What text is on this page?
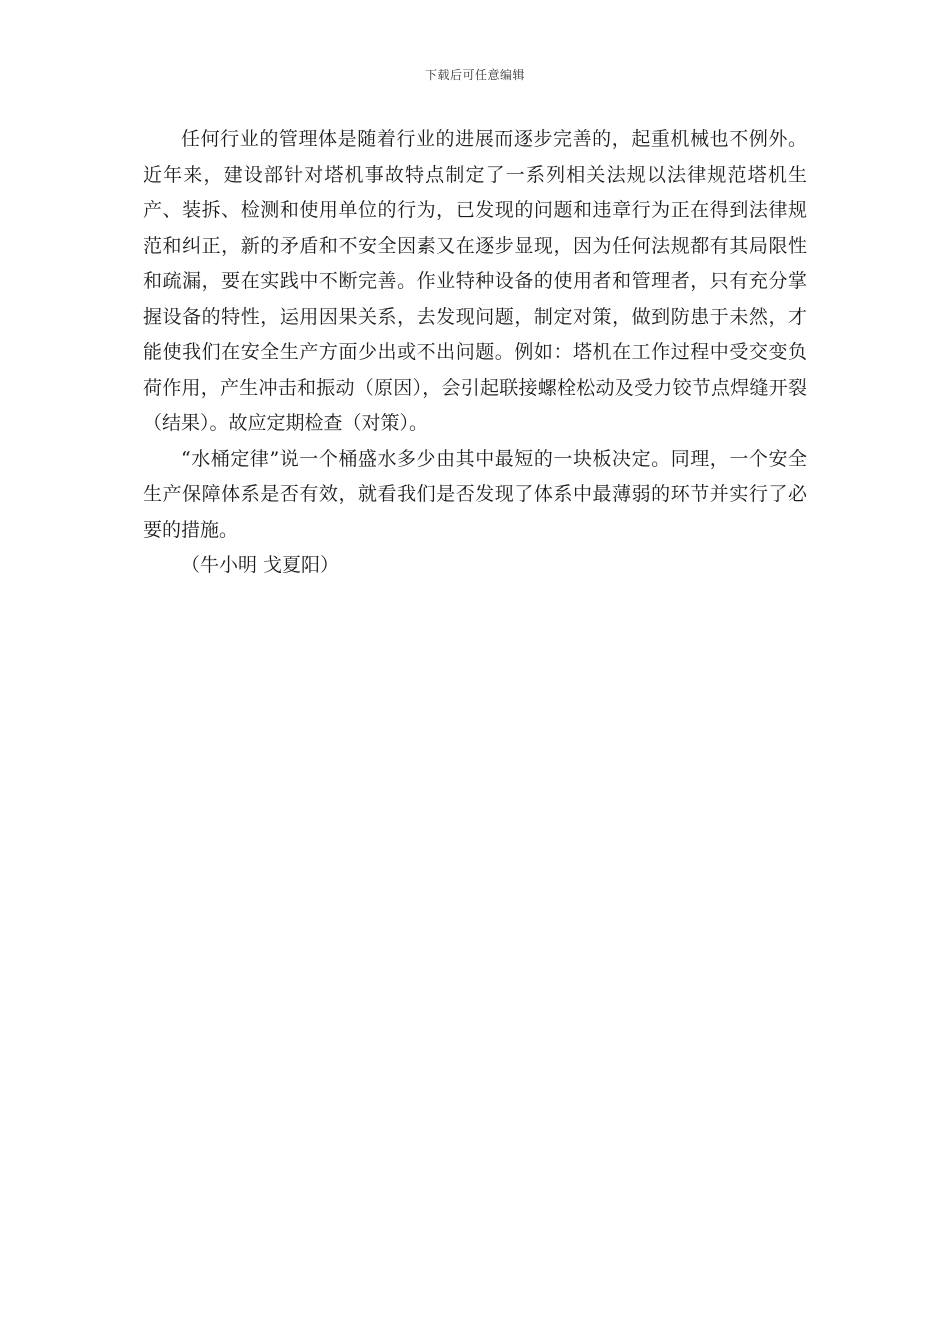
下载后可任意编辑

任何行业的管理体是随着行业的进展而逐步完善的，起重机械也不例外。近年来，建设部针对塔机事故特点制定了一系列相关法规以法律规范塔机生产、装拆、检测和使用单位的行为，已发现的问题和违章行为正在得到法律规范和纠正，新的矛盾和不安全因素又在逐步显现，因为任何法规都有其局限性和疏漏，要在实践中不断完善。作业特种设备的使用者和管理者，只有充分掌握设备的特性，运用因果关系，去发现问题，制定对策，做到防患于未然，才能使我们在安全生产方面少出或不出问题。例如：塔机在工作过程中受交变负荷作用，产生冲击和振动（原因），会引起联接螺栓松动及受力铰节点焊缝开裂（结果）。故应定期检查（对策）。

“水桶定律”说一个桶盛水多少由其中最短的一块板决定。同理，一个安全生产保障体系是否有效，就看我们是否发现了体系中最薄弱的环节并实行了必要的措施。

（牛小明 戈夏阳）
